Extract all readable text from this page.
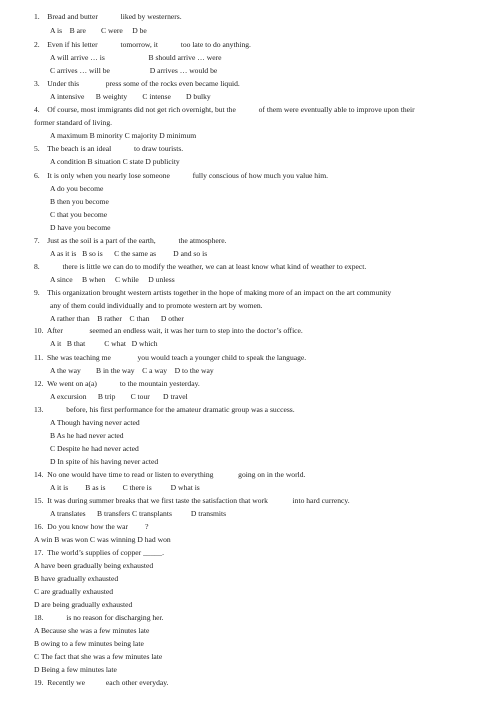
1.    Bread and butter            liked by westerners.
A is    B are        C were     D be
2.    Even if his letter            tomorrow, it            too late to do anything.
A will arrive … is                       B should arrive … were
C arrives … will be                     D arrives … would be
3.    Under this              press some of the rocks even became liquid.
A intensive      B weighty        C intense        D bulky
4.    Of course, most immigrants did not get rich overnight, but the            of them were eventually able to improve upon their
former standard of living.
A maximum B minority C majority D minimum
5.    The beach is an ideal            to draw tourists.
A condition B situation C state D publicity
6.    It is only when you nearly lose someone            fully conscious of how much you value him.
A do you become
B then you become
C that you become
D have you become
7.    Just as the soil is a part of the earth,            the atmosphere.
A as it is   B so is      C the same as         D and so is
8.            there is little we can do to modify the weather, we can at least know what kind of weather to expect.
A since     B when     C while     D unless
9.    This organization brought western artists together in the hope of making more of an impact on the art community
any of them could individually and to promote western art by women.
A rather than    B rather    C than      D other
10.  After              seemed an endless wait, it was her turn to step into the doctor’s office.
A it   B that          C what   D which
11.  She was teaching me              you would teach a younger child to speak the language.
A the way        B in the way    C a way    D to the way
12.  We went on a(a)            to the mountain yesterday.
A excursion      B trip        C tour       D travel
13.            before, his first performance for the amateur dramatic group was a success.
A Though having never acted
B As he had never acted
C Despite he had never acted
D In spite of his having never acted
14.  No one would have time to read or listen to everything             going on in the world.
A it is         B as is         C there is          D what is
15.  It was during summer breaks that we first taste the satisfaction that work             into hard currency.
A translates      B transfers C transplants          D transmits
16.  Do you know how the war         ?
A win B was won C was winning D had won
17.  The world’s supplies of copper _____.
A have been gradually being exhausted
B have gradually exhausted
C are gradually exhausted
D are being gradually exhausted
18.            is no reason for discharging her.
A Because she was a few minutes late
B owing to a few minutes being late
C The fact that she was a few minutes late
D Being a few minutes late
19.  Recently we           each other everyday.
